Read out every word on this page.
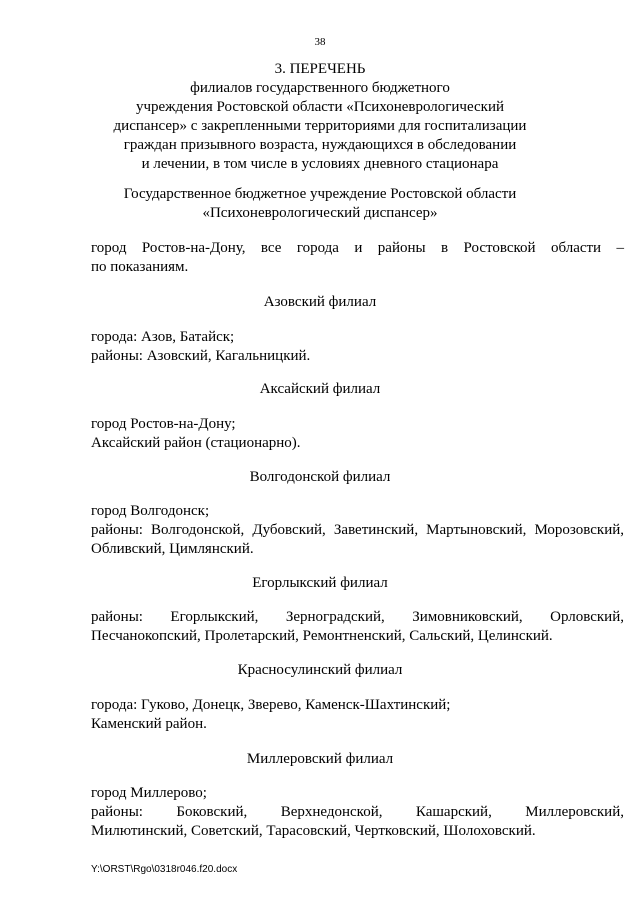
38
3. ПЕРЕЧЕНЬ
филиалов государственного бюджетного
учреждения Ростовской области «Психоневрологический
диспансер» с закрепленными территориями для госпитализации
граждан призывного возраста, нуждающихся в обследовании
и лечении, в том числе в условиях дневного стационара
Государственное бюджетное учреждение Ростовской области
«Психоневрологический диспансер»
город Ростов-на-Дону, все города и районы в Ростовской области –
по показаниям.
Азовский филиал
города: Азов, Батайск;
районы: Азовский, Кагальницкий.
Аксайский филиал
город Ростов-на-Дону;
Аксайский район (стационарно).
Волгодонской филиал
город Волгодонск;
районы: Волгодонской, Дубовский, Заветинский, Мартыновский, Морозовский,
Обливский, Цимлянский.
Егорлыкский филиал
районы: Егорлыкский, Зерноградский, Зимовниковский, Орловский,
Песчанокопский, Пролетарский, Ремонтненский, Сальский, Целинский.
Красносулинский филиал
города: Гуково, Донецк, Зверево, Каменск-Шахтинский;
Каменский район.
Миллеровский филиал
город Миллерово;
районы: Боковский, Верхнедонской, Кашарский, Миллеровский,
Милютинский, Советский, Тарасовский, Чертковский, Шолоховский.
Y:\ORST\Rgo\0318r046.f20.docx
